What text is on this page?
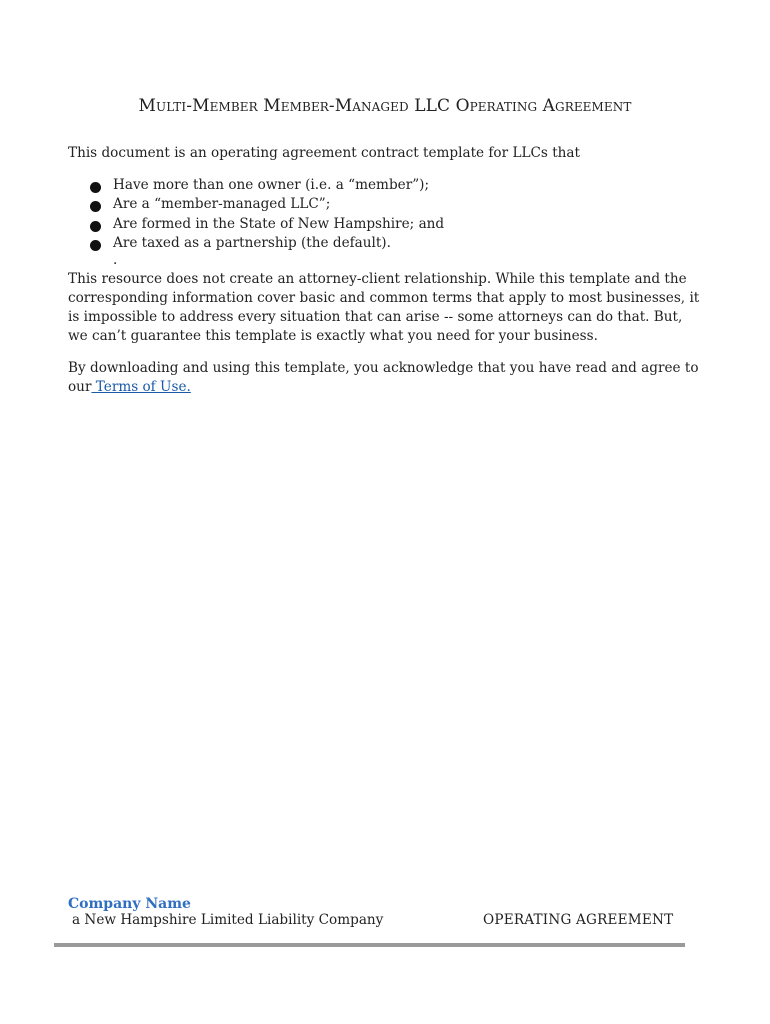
Multi-Member Member-Managed LLC Operating Agreement
This document is an operating agreement contract template for LLCs that
Have more than one owner (i.e. a “member”);
Are a “member-managed LLC”;
Are formed in the State of New Hampshire; and
Are taxed as a partnership (the default).
.
This resource does not create an attorney-client relationship. While this template and the corresponding information cover basic and common terms that apply to most businesses, it is impossible to address every situation that can arise -- some attorneys can do that. But, we can’t guarantee this template is exactly what you need for your business.
By downloading and using this template, you acknowledge that you have read and agree to our Terms of Use.
Company Name
a New Hampshire Limited Liability Company	OPERATING AGREEMENT
